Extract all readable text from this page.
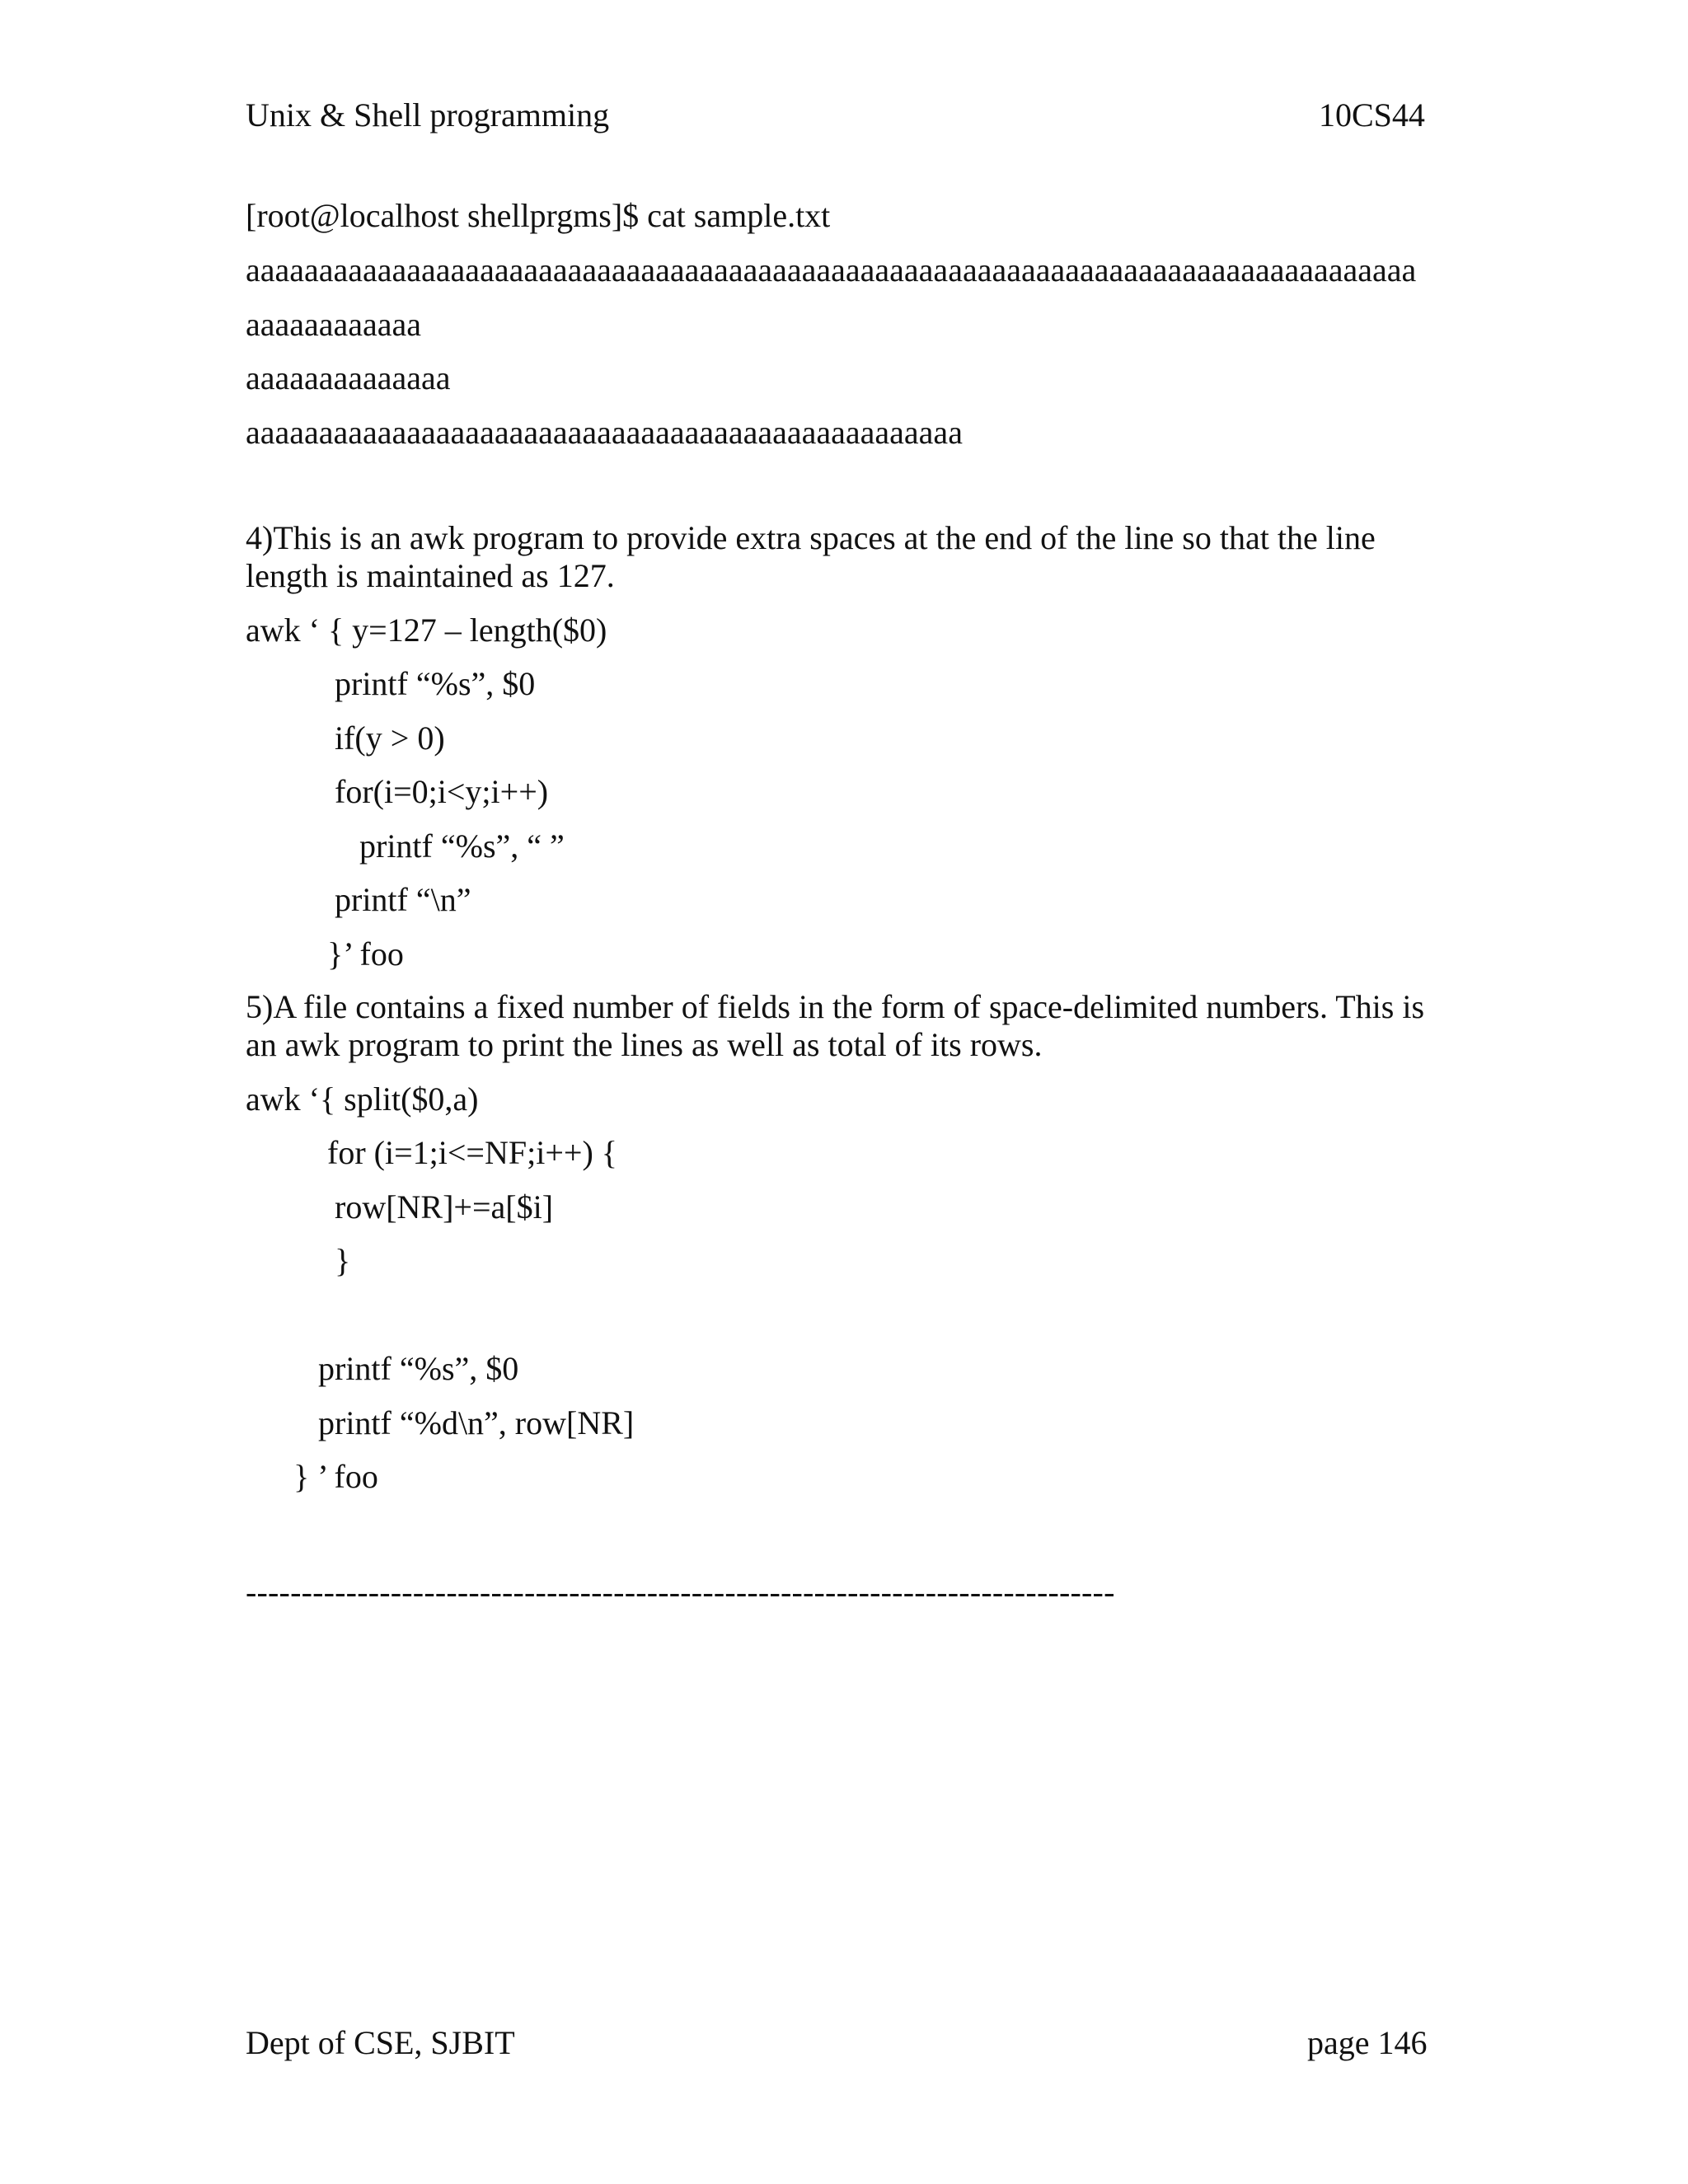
Unix & Shell programming	10CS44
[root@localhost shellprgms]$ cat sample.txt
aaaaaaaaaaaaaaaaaaaaaaaaaaaaaaaaaaaaaaaaaaaaaaaaaaaaaaaaaaaaaaaaaaaaaaaaaaaaaaaa
aaaaaaaaaaaa
aaaaaaaaaaaaaa
aaaaaaaaaaaaaaaaaaaaaaaaaaaaaaaaaaaaaaaaaaaaaaaaa
4)This is an awk program to provide extra spaces at the end of the line so that the line length is maintained as 127.
awk ‘ { y=127 – length($0)
printf “%s”, $0
if(y > 0)
for(i=0;i<y;i++)
printf “%s”, “ ”
printf “\n”
}’ foo
5)A file contains a fixed number of fields in the form of space-delimited numbers. This is an awk program to print the lines as well as total of its rows.
awk ‘{ split($0,a)
for (i=1;i<=NF;i++) {
row[NR]+=a[$i]
}
printf “%s”, $0
printf “%d\n”, row[NR]
} ’ foo
------------------------------------------------------------------------------
Dept of CSE, SJBIT	page 146
